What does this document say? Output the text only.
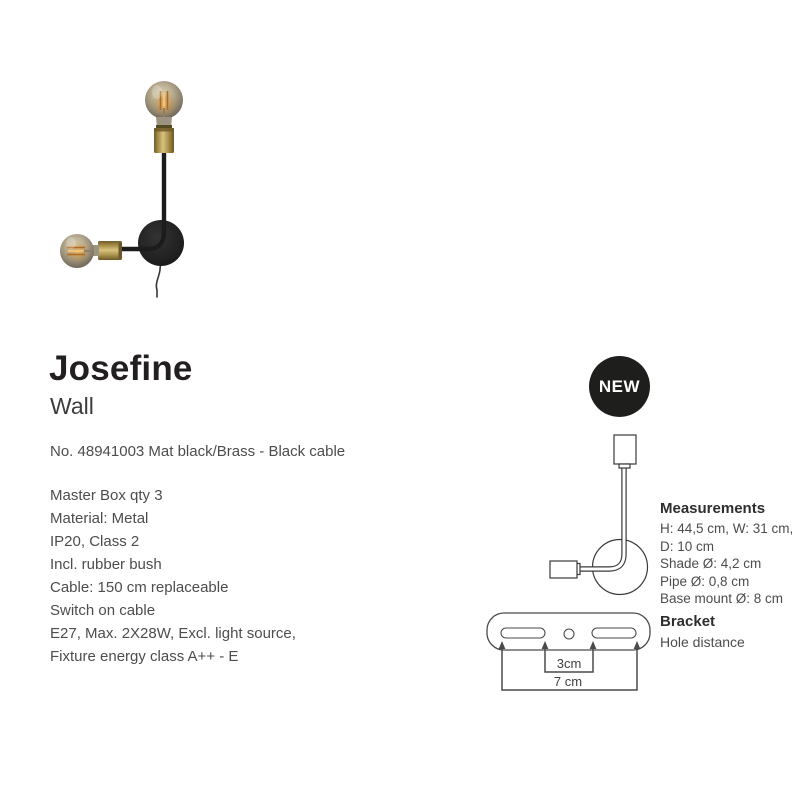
Josefine
Wall
No. 48941003 Mat black/Brass - Black cable
Master Box qty 3
Material: Metal
IP20, Class 2
Incl. rubber bush
Cable: 150 cm replaceable
Switch on cable
E27, Max. 2X28W, Excl. light source,
Fixture energy class A++ - E
NEW
3cm
7 cm
Measurements
H: 44,5 cm, W: 31 cm,
D: 10 cm
Shade Ø: 4,2 cm
Pipe Ø: 0,8 cm
Base mount Ø: 8 cm
Bracket
Hole distance
